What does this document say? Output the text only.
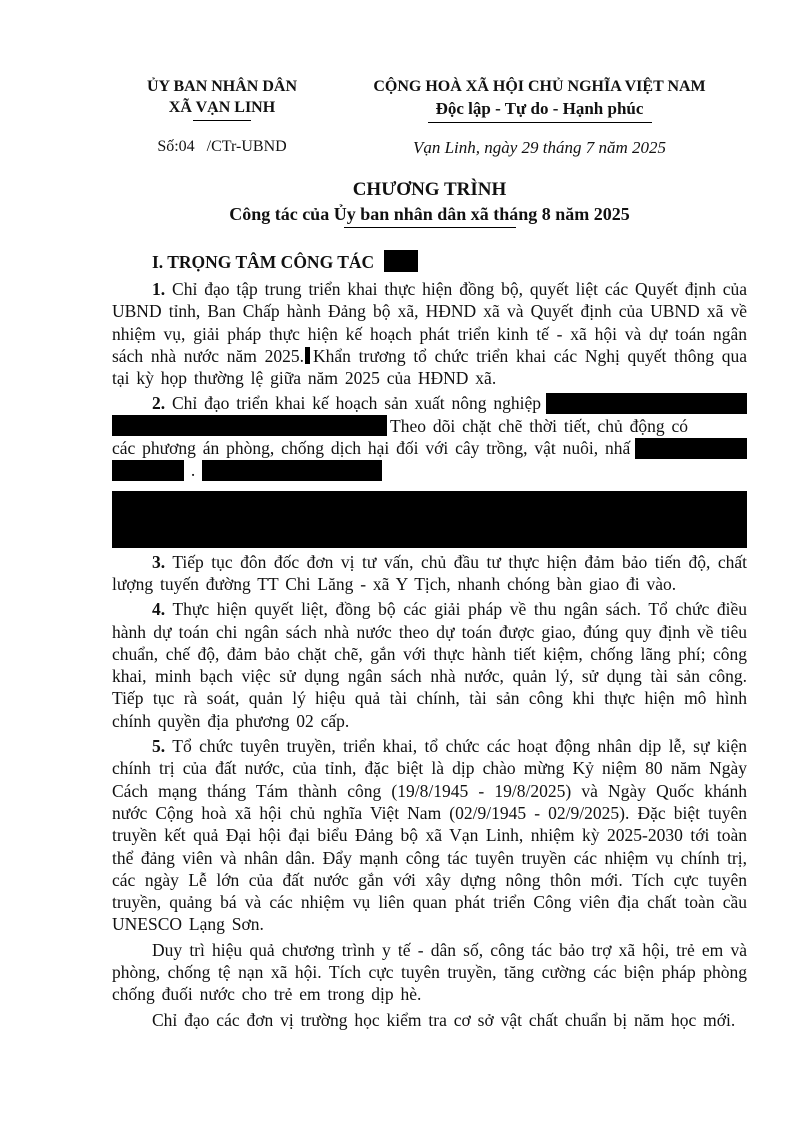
ỦY BAN NHÂN DÂN
XÃ VẠN LINH
CỘNG HOÀ XÃ HỘI CHỦ NGHĨA VIỆT NAM
Độc lập - Tự do - Hạnh phúc
Số:04   /CTr-UBND	Vạn Linh, ngày 29 tháng 7 năm 2025
CHƯƠNG TRÌNH
Công tác của Ủy ban nhân dân xã tháng 8 năm 2025
I. TRỌNG TÂM CÔNG TÁC

1. Chỉ đạo tập trung triển khai thực hiện đồng bộ, quyết liệt các Quyết định của UBND tỉnh, Ban Chấp hành Đảng bộ xã, HĐND xã và Quyết định của UBND xã về nhiệm vụ, giải pháp thực hiện kế hoạch phát triển kinh tế - xã hội và dự toán ngân sách nhà nước năm 2025. Khẩn trương tổ chức triển khai các Nghị quyết thông qua tại kỳ họp thường lệ giữa năm 2025 của HĐND xã.

2. Chỉ đạo triển khai kế hoạch sản xuất nông nghiệp
Theo dõi chặt chẽ thời tiết, chủ động có
các phương án phòng, chống dịch hại đối với cây trồng, vật nuôi, nhấ
.

3. Tiếp tục đôn đốc đơn vị tư vấn, chủ đầu tư thực hiện đảm bảo tiến độ, chất lượng tuyến đường TT Chi Lăng - xã Y Tịch, nhanh chóng bàn giao đi vào.

4. Thực hiện quyết liệt, đồng bộ các giải pháp về thu ngân sách. Tổ chức điều hành dự toán chi ngân sách nhà nước theo dự toán được giao, đúng quy định về tiêu chuẩn, chế độ, đảm bảo chặt chẽ, gắn với thực hành tiết kiệm, chống lãng phí; công khai, minh bạch việc sử dụng ngân sách nhà nước, quản lý, sử dụng tài sản công. Tiếp tục rà soát, quản lý hiệu quả tài chính, tài sản công khi thực hiện mô hình chính quyền địa phương 02 cấp.

5. Tổ chức tuyên truyền, triển khai, tổ chức các hoạt động nhân dịp lễ, sự kiện chính trị của đất nước, của tỉnh, đặc biệt là dịp chào mừng Kỷ niệm 80 năm Ngày Cách mạng tháng Tám thành công (19/8/1945 - 19/8/2025) và Ngày Quốc khánh nước Cộng hoà xã hội chủ nghĩa Việt Nam (02/9/1945 - 02/9/2025). Đặc biệt tuyên truyền kết quả Đại hội đại biểu Đảng bộ xã Vạn Linh, nhiệm kỳ 2025-2030 tới toàn thể đảng viên và nhân dân. Đẩy mạnh công tác tuyên truyền các nhiệm vụ chính trị, các ngày Lễ lớn của đất nước gắn với xây dựng nông thôn mới. Tích cực tuyên truyền, quảng bá và các nhiệm vụ liên quan phát triển Công viên địa chất toàn cầu UNESCO Lạng Sơn.

Duy trì hiệu quả chương trình y tế - dân số, công tác bảo trợ xã hội, trẻ em và phòng, chống tệ nạn xã hội. Tích cực tuyên truyền, tăng cường các biện pháp phòng chống đuối nước cho trẻ em trong dịp hè.

Chỉ đạo các đơn vị trường học kiểm tra cơ sở vật chất chuẩn bị năm học mới.
